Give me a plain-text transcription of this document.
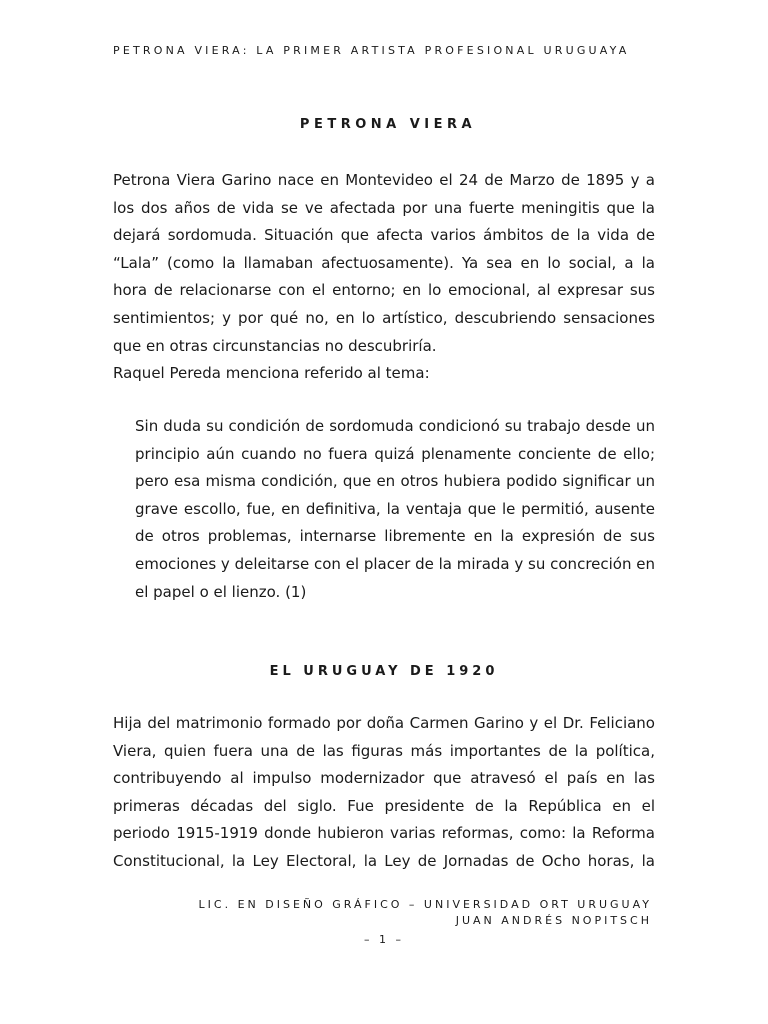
PETRONA VIERA: LA PRIMER ARTISTA PROFESIONAL URUGUAYA
PETRONA VIERA
Petrona Viera Garino nace en Montevideo el 24 de Marzo de 1895 y a los dos años de vida se ve afectada por una fuerte meningitis que la dejará sordomuda. Situación que afecta varios ámbitos de la vida de “Lala” (como la llamaban afectuosamente). Ya sea en lo social, a la hora de relacionarse con el entorno; en lo emocional, al expresar sus sentimientos; y por qué no, en lo artístico, descubriendo sensaciones que en otras circunstancias no descubriría.
Raquel Pereda menciona referido al tema:
Sin duda su condición de sordomuda condicionó su trabajo desde un principio aún cuando no fuera quizá plenamente conciente de ello; pero esa misma condición, que en otros hubiera podido significar un grave escollo, fue, en definitiva, la ventaja que le permitió, ausente de otros problemas, internarse libremente en la expresión de sus emociones y deleitarse con el placer de la mirada y su concreción en el papel o el lienzo. (1)
EL URUGUAY DE 1920
Hija del matrimonio formado por doña Carmen Garino y el Dr. Feliciano Viera, quien fuera una de las figuras más importantes de la política, contribuyendo al impulso modernizador que atravesó el país en las primeras décadas del siglo. Fue presidente de la República en el periodo 1915-1919 donde hubieron varias reformas, como: la Reforma Constitucional, la Ley Electoral, la Ley de Jornadas de Ocho horas, la
LIC. EN DISEÑO GRÁFICO – UNIVERSIDAD ORT URUGUAY
JUAN ANDRÉS NOPITSCH
– 1 –
